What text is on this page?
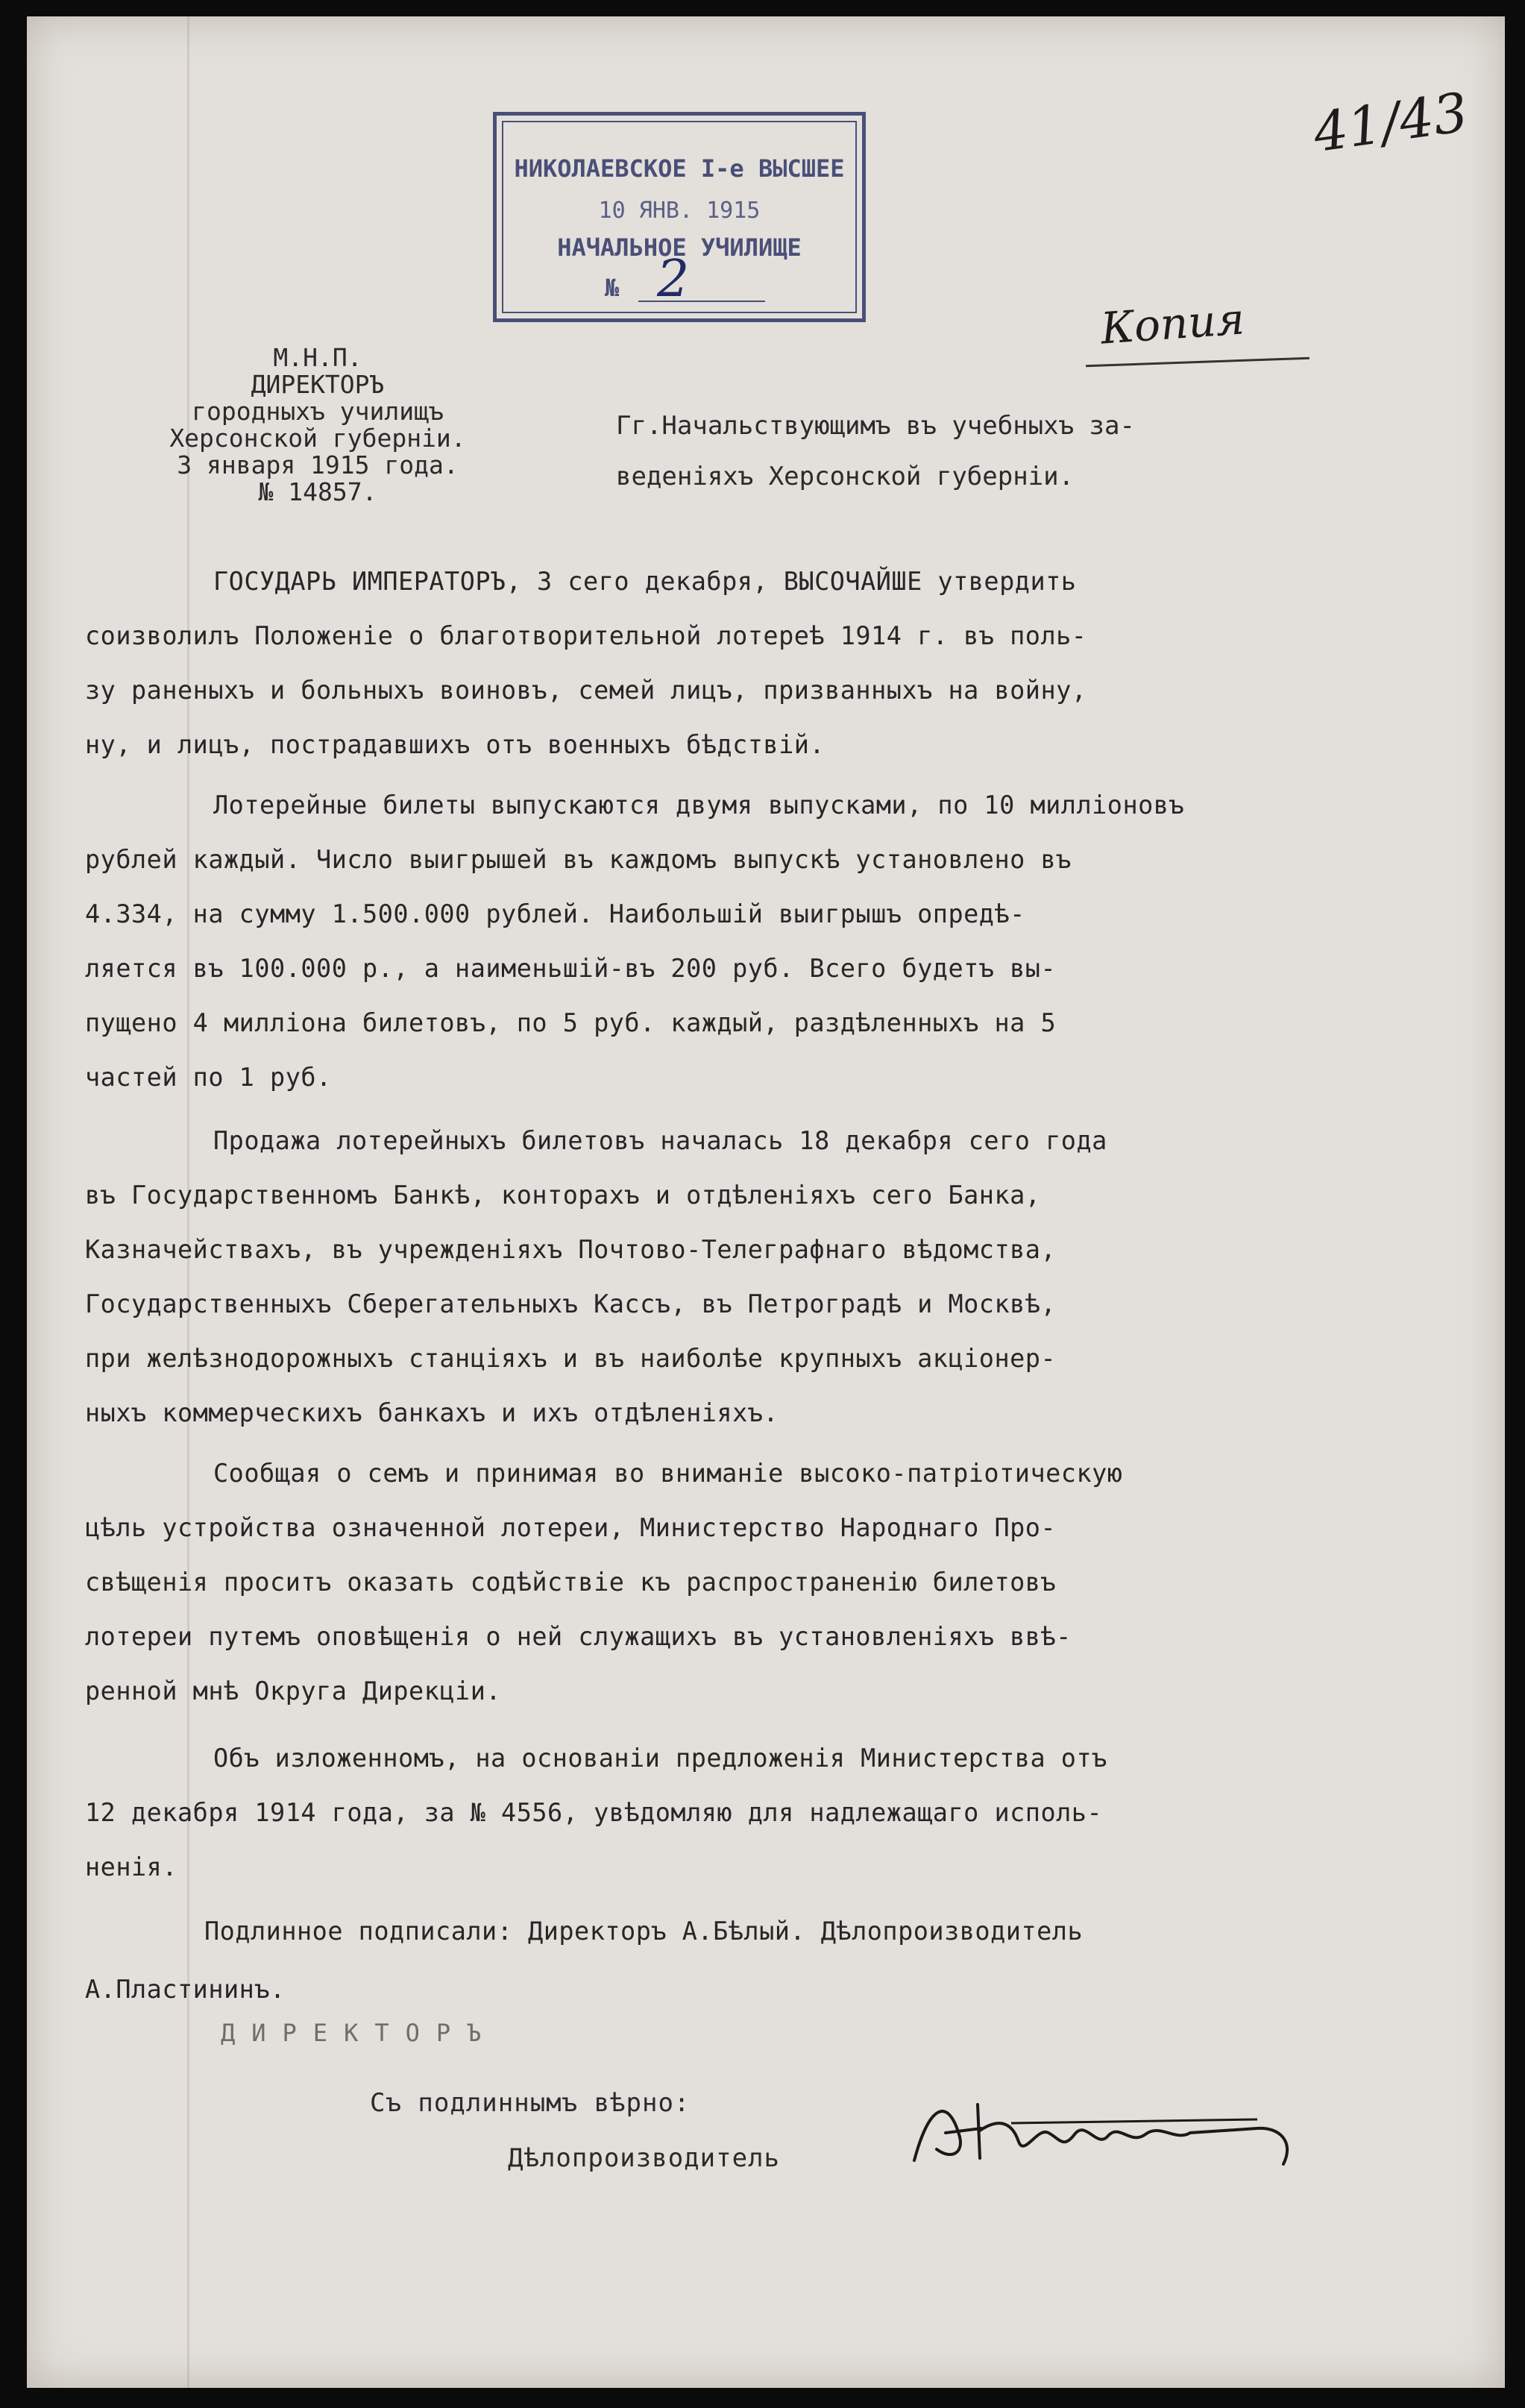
НИКОЛАЕВСКОЕ I-е ВЫСШЕЕ
10 ЯНВ. 1915
НАЧАЛЬНОЕ УЧИЛИЩЕ
№ 2
41/43
Копия
М.Н.П.
ДИРЕКТОРЪ
городныхъ училищъ
Херсонской губерніи.
3 января 1915 года.
№ 14857.
Гг.Начальствующимъ въ учебныхъ за-
веденіяхъ Херсонской губерніи.
ГОСУДАРЬ ИМПЕРАТОРЪ, 3 сего декабря, ВЫСОЧАЙШЕ утвердить
соизволилъ Положеніе о благотворительной лотереѣ 1914 г. въ поль-
зу раненыхъ и больныхъ воиновъ, семей лицъ, призванныхъ на войну,
ну, и лицъ, пострадавшихъ отъ военныхъ бѣдствій.
Лотерейные билеты выпускаются двумя выпусками, по 10 милліоновъ
рублей каждый. Число выигрышей въ каждомъ выпускѣ установлено въ
4.334, на сумму 1.500.000 рублей. Наибольшій выигрышъ опредѣ-
ляется въ 100.000 р., а наименьшій-въ 200 руб. Всего будетъ вы-
пущено 4 милліона билетовъ, по 5 руб. каждый, раздѣленныхъ на 5
частей по 1 руб.
Продажа лотерейныхъ билетовъ началась 18 декабря сего года
въ Государственномъ Банкѣ, конторахъ и отдѣленіяхъ сего Банка,
Казначействахъ, въ учрежденіяхъ Почтово-Телеграфнаго вѣдомства,
Государственныхъ Сберегательныхъ Кассъ, въ Петроградѣ и Москвѣ,
при желѣзнодорожныхъ станціяхъ и въ наиболѣе крупныхъ акціонер-
ныхъ коммерческихъ банкахъ и ихъ отдѣленіяхъ.
Сообщая о семъ и принимая во вниманіе высоко-патріотическую
цѣль устройства означенной лотереи, Министерство Народнаго Про-
свѣщенія проситъ оказать содѣйствіе къ распространенію билетовъ
лотереи путемъ оповѣщенія о ней служащихъ въ установленіяхъ ввѣ-
ренной мнѣ Округа Дирекціи.
Объ изложенномъ, на основаніи предложенія Министерства отъ
12 декабря 1914 года, за № 4556, увѣдомляю для надлежащаго исполь-
ненія.
Подлинное подписали: Директоръ А.Бѣлый. Дѣлопроизводитель
А.Пластининъ.
ДИРЕКТОРЪ
Съ подлиннымъ вѣрно:
Дѣлопроизводитель
